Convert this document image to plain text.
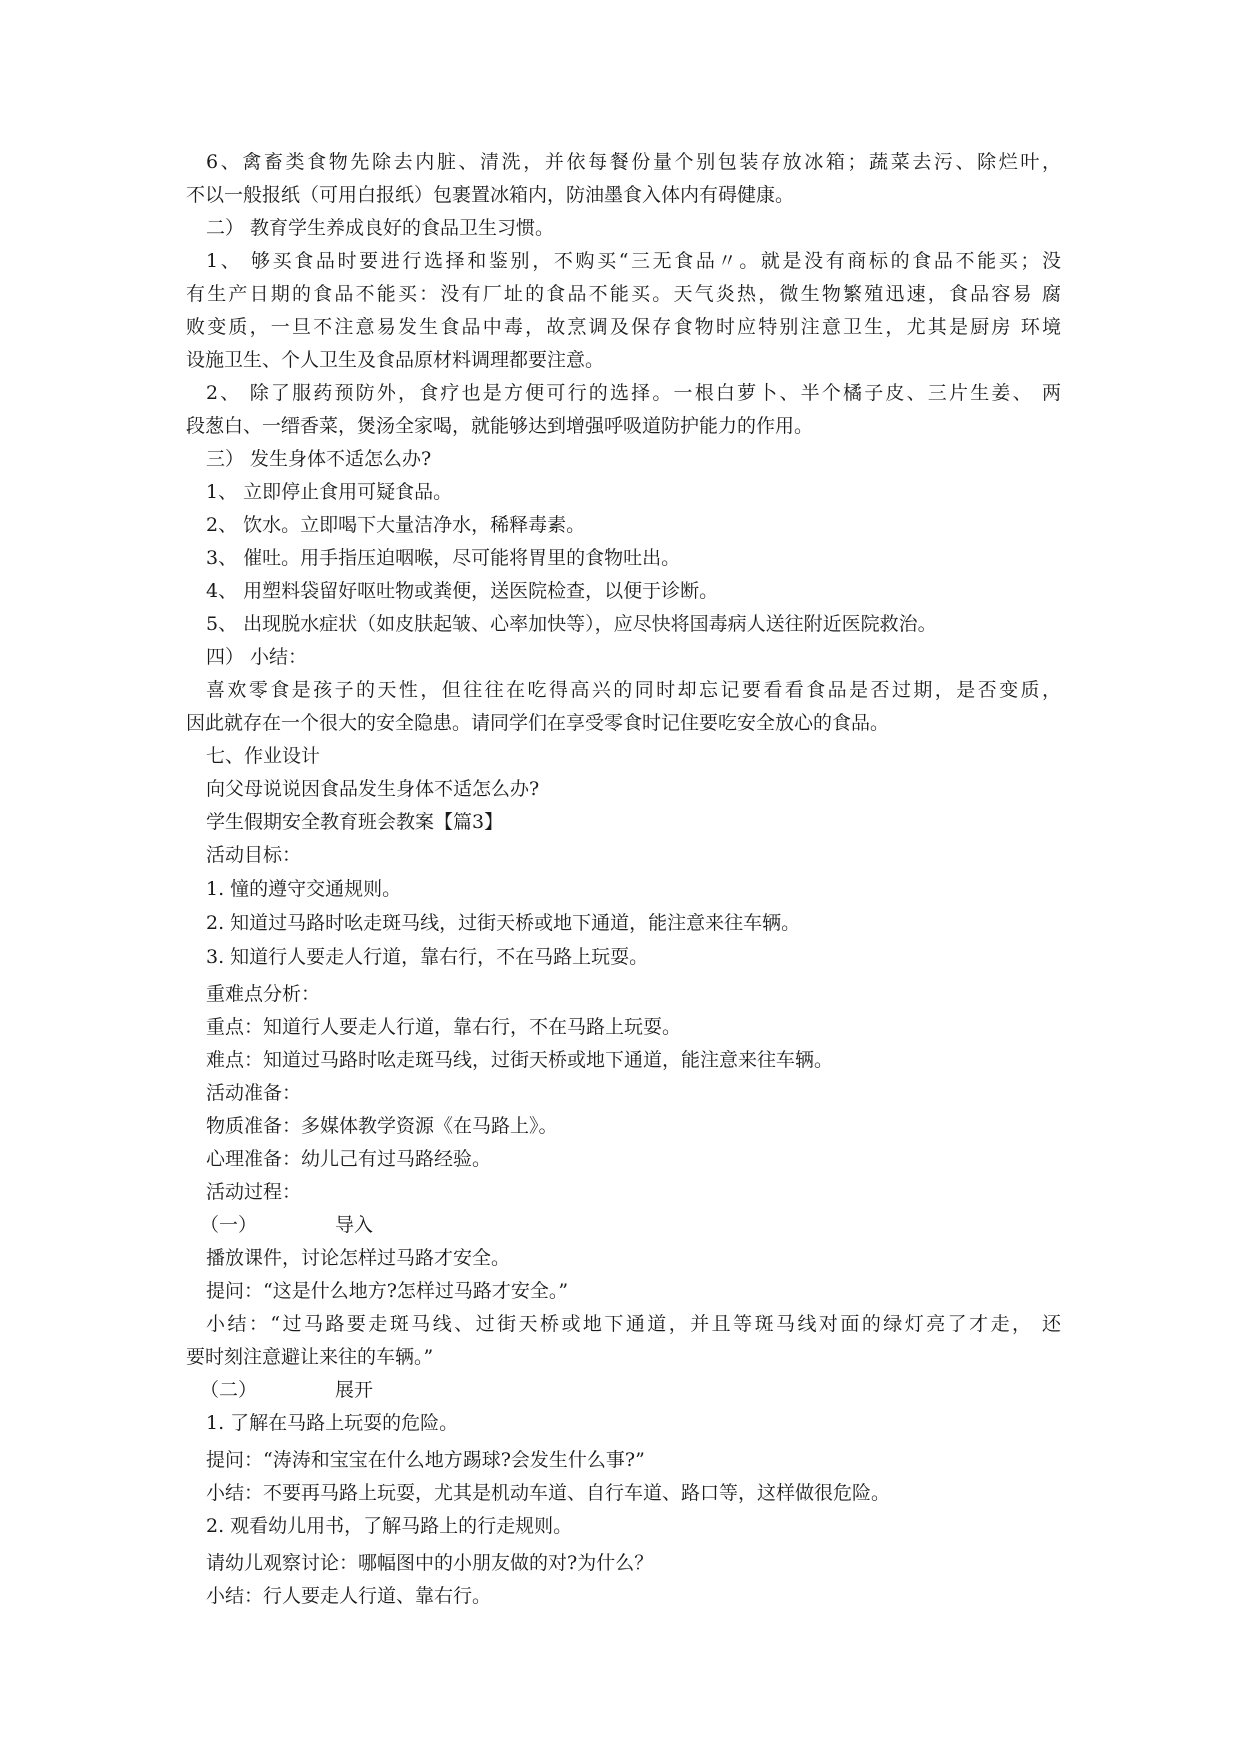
6、禽畜类食物先除去内脏、清洗，并依每餐份量个别包装存放冰箱；蔬菜去污、除烂叶，
不以一般报纸（可用白报纸）包裹置冰箱内，防油墨食入体内有碍健康。
二） 教育学生养成良好的食品卫生习惯。
1、 够买食品时要进行选择和鉴别，不购买“三无食品〃。就是没有商标的食品不能买；没
有生产日期的食品不能买：没有厂址的食品不能买。天气炎热，微生物繁殖迅速，食品容易 腐
败变质，一旦不注意易发生食品中毒，故烹调及保存食物时应特别注意卫生，尤其是厨房 环境
设施卫生、个人卫生及食品原材料调理都要注意。
2、 除了服药预防外，食疗也是方便可行的选择。一根白萝卜、半个橘子皮、三片生姜、 两
段葱白、一缙香菜，煲汤全家喝，就能够达到增强呼吸道防护能力的作用。
三） 发生身体不适怎么办?
1、 立即停止食用可疑食品。
2、 饮水。立即喝下大量洁净水，稀释毒素。
3、 催吐。用手指压迫咽喉，尽可能将胃里的食物吐出。
4、 用塑料袋留好呕吐物或粪便，送医院检查，以便于诊断。
5、 出现脱水症状（如皮肤起皱、心率加快等），应尽快将国毒病人送往附近医院救治。
四） 小结：
喜欢零食是孩子的天性，但往往在吃得高兴的同时却忘记要看看食品是否过期，是否变质，
因此就存在一个很大的安全隐患。请同学们在享受零食时记住要吃安全放心的食品。
七、作业设计
向父母说说因食品发生身体不适怎么办?
学生假期安全教育班会教案【篇3】
活动目标：
1. 憧的遵守交通规则。
2. 知道过马路时吆走斑马线，过街天桥或地下通道，能注意来往车辆。
3. 知道行人要走人行道，靠右行，不在马路上玩耍。
重难点分析：
重点：知道行人要走人行道，靠右行，不在马路上玩耍。
难点：知道过马路时吆走斑马线，过街天桥或地下通道，能注意来往车辆。
活动准备：
物质准备：多媒体教学资源《在马路上》。
心理准备：幼儿己有过马路经验。
活动过程：
（一）	导入
播放课件，讨论怎样过马路才安全。
提问：“这是什么地方?怎样过马路才安全。”
小结：“过马路要走斑马线、过街天桥或地下通道，并且等斑马线对面的绿灯亮了才走， 还
要时刻注意避让来往的车辆。”
（二）	展开
1. 了解在马路上玩耍的危险。
提问：“涛涛和宝宝在什么地方踢球?会发生什么事?”
小结：不要再马路上玩耍，尤其是机动车道、自行车道、路口等，这样做很危险。
2. 观看幼儿用书，了解马路上的行走规则。
请幼儿观察讨论：哪幅图中的小朋友做的对?为什么？
小结：行人要走人行道、靠右行。
